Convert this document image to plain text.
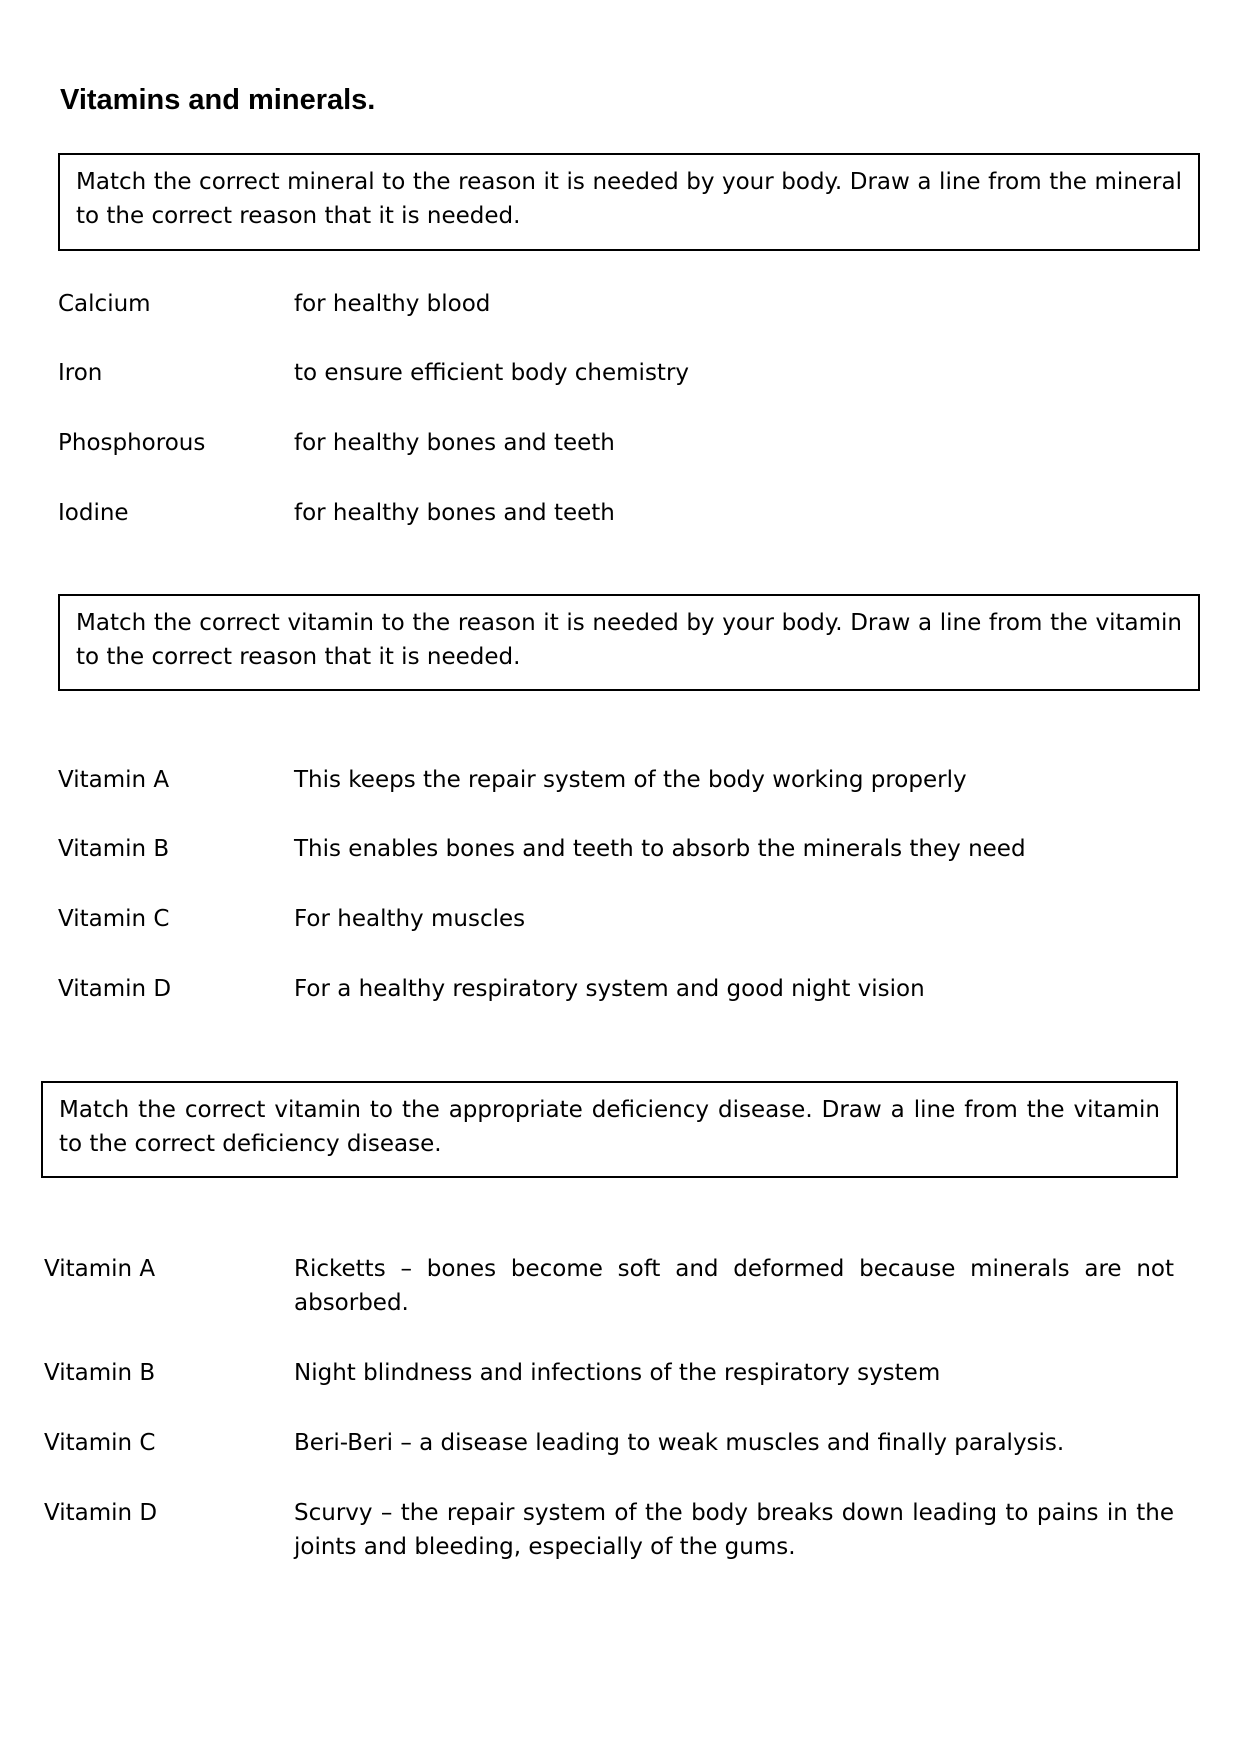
Vitamins and minerals.
Match the correct mineral to the reason it is needed by your body. Draw a line from the mineral to the correct reason that it is needed.
Calcium	for healthy blood
Iron	to ensure efficient body chemistry
Phosphorous	for healthy bones and teeth
Iodine	for healthy bones and teeth
Match the correct vitamin to the reason it is needed by your body. Draw a line from the vitamin to the correct reason that it is needed.
Vitamin A	This keeps the repair system of the body working properly
Vitamin B	This enables bones and teeth to absorb the minerals they need
Vitamin C	For healthy muscles
Vitamin D	For a healthy respiratory system and good night vision
Match the correct vitamin to the appropriate deficiency disease. Draw a line from the vitamin to the correct deficiency disease.
Vitamin A	Ricketts – bones become soft and deformed because minerals are not absorbed.
Vitamin B	Night blindness and infections of the respiratory system
Vitamin C	Beri-Beri – a disease leading to weak muscles and finally paralysis.
Vitamin D	Scurvy – the repair system of the body breaks down leading to pains in the joints and bleeding, especially of the gums.
